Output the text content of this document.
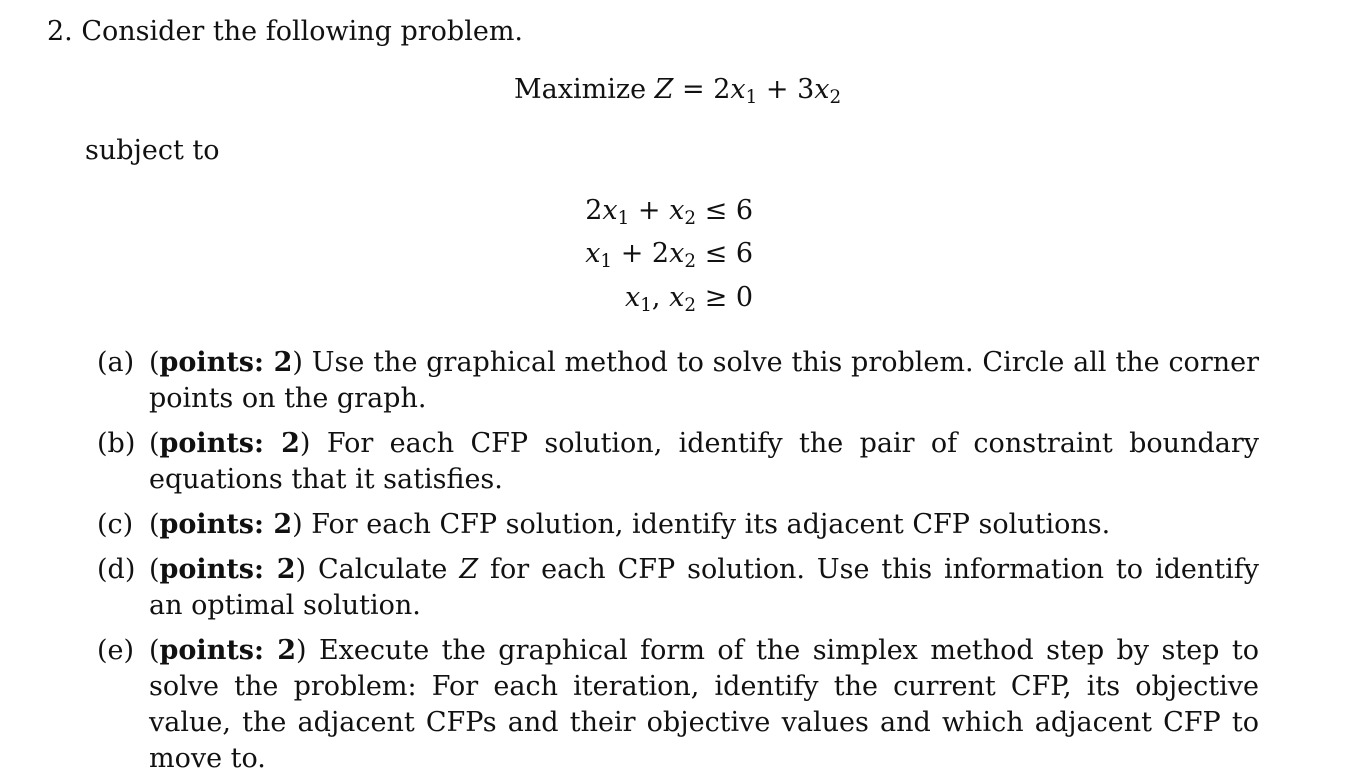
2. Consider the following problem.
Maximize $Z = 2x_1 + 3x_2$
subject to
$2x_1 + x_2 \le 6$
$x_1 + 2x_2 \le 6$
$x_1$, $x_2 \ge 0$
(a) (points: 2) Use the graphical method to solve this problem. Circle all the corner points on the graph.
(b) (points: 2) For each CFP solution, identify the pair of constraint boundary equations that it satisfies.
(c) (points: 2) For each CFP solution, identify its adjacent CFP solutions.
(d) (points: 2) Calculate Z for each CFP solution. Use this information to identify an optimal solution.
(e) (points: 2) Execute the graphical form of the simplex method step by step to solve the problem: For each iteration, identify the current CFP, its objective value, the adjacent CFPs and their objective values and which adjacent CFP to move to.
